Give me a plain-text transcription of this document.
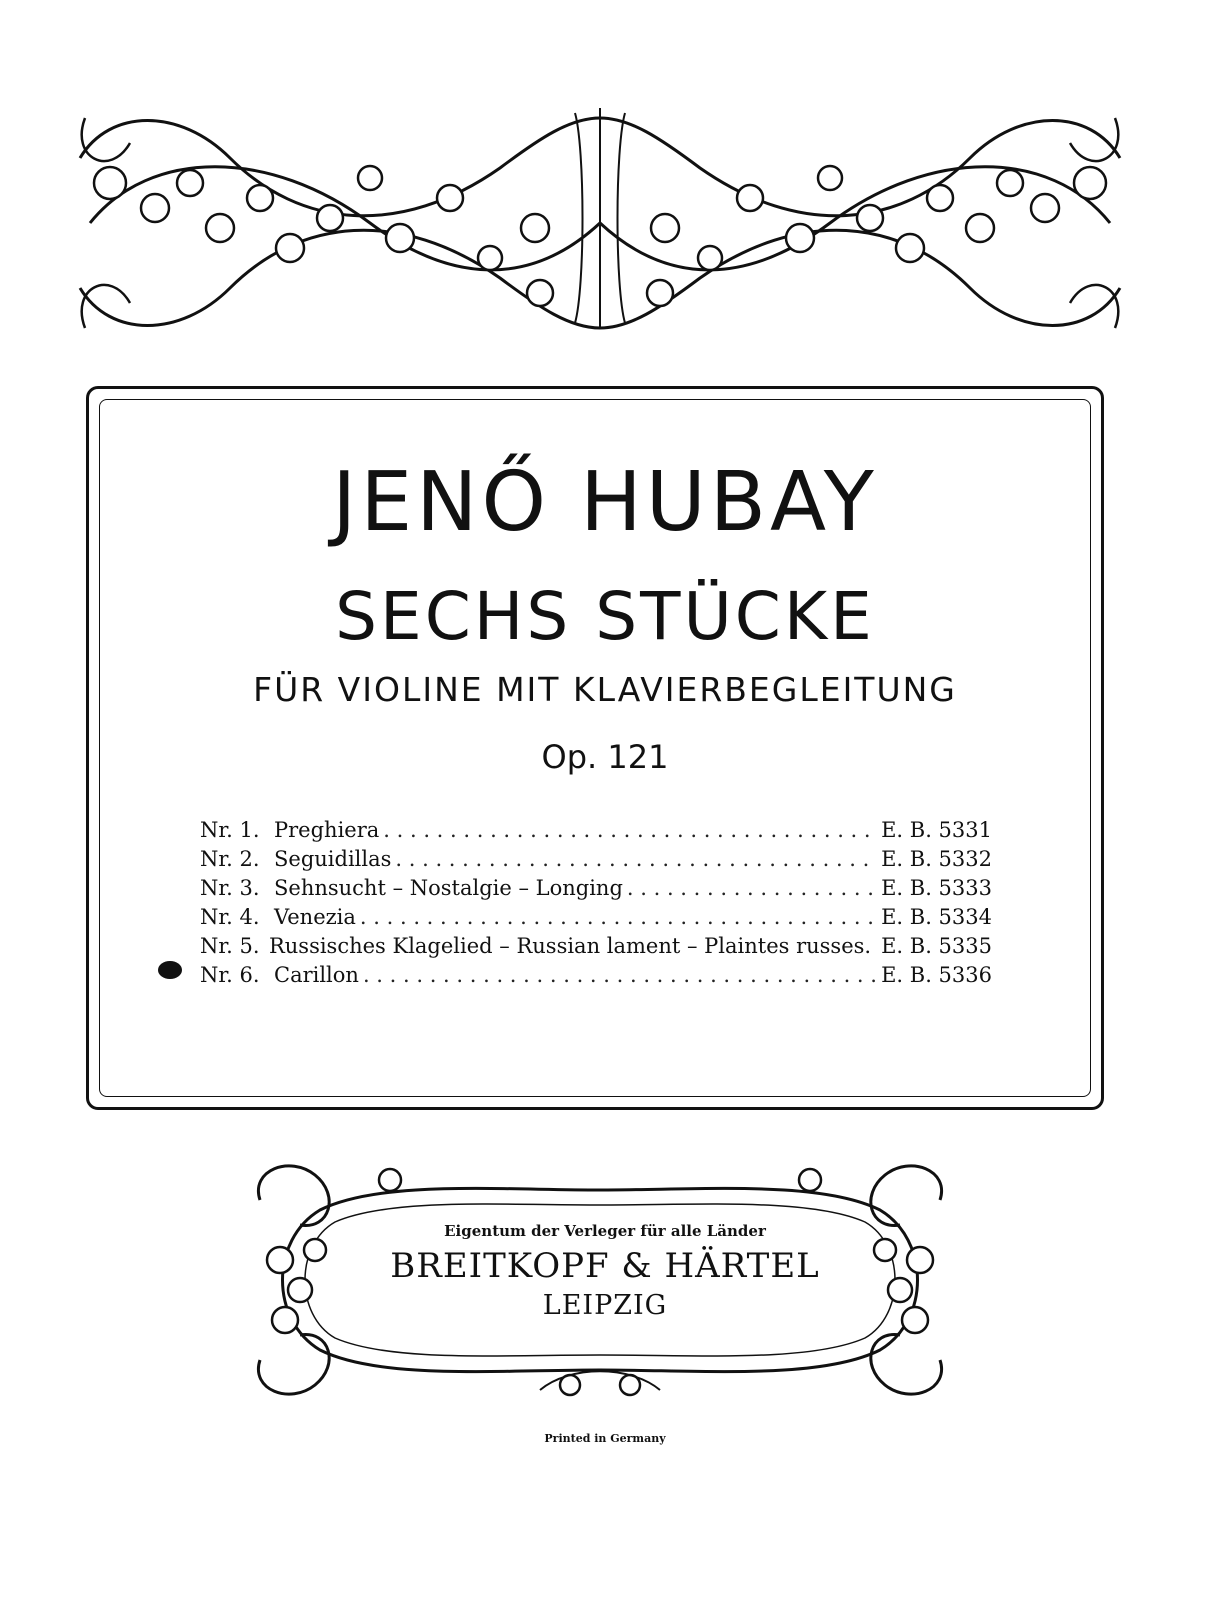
JENŐ HUBAY
SECHS STÜCKE
FÜR VIOLINE MIT KLAVIERBEGLEITUNG
Op. 121
Nr. 1. Preghiera . . .	E. B. 5331
Nr. 2. Seguidillas . . .	E. B. 5332
Nr. 3. Sehnsucht – Nostalgie – Longing . . .	E. B. 5333
Nr. 4. Venezia . . .	E. B. 5334
Nr. 5. Russisches Klagelied – Russian lament – Plaintes russes. . . . E. B. 5335
Nr. 6. Carillon . . .	E. B. 5336
Eigentum der Verleger für alle Länder
BREITKOPF & HÄRTEL
LEIPZIG
Printed in Germany
